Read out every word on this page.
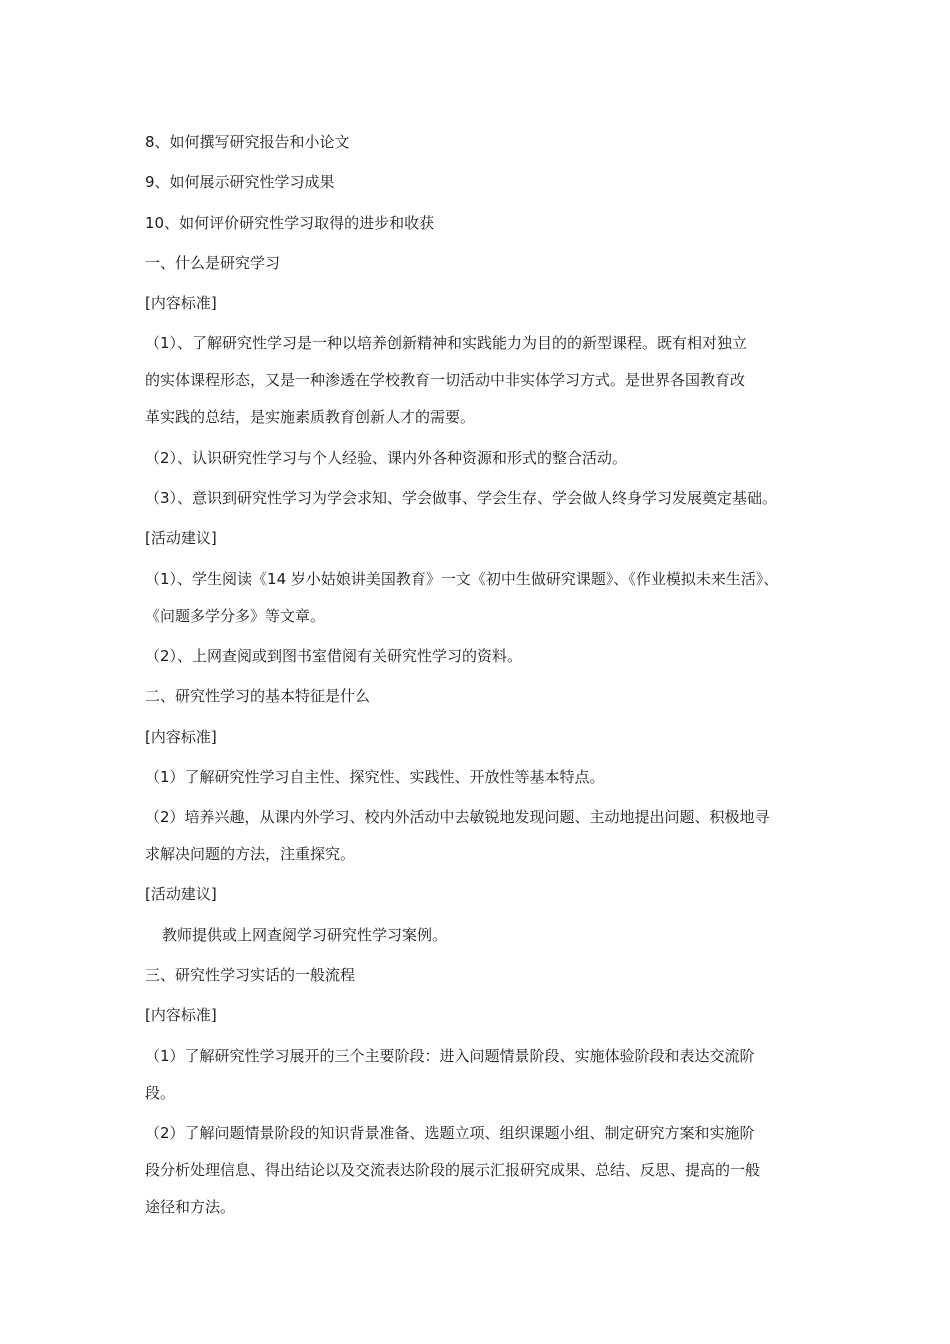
8、如何撰写研究报告和小论文
9、如何展示研究性学习成果
10、如何评价研究性学习取得的进步和收获
一、什么是研究学习
[内容标准]
（1）、了解研究性学习是一种以培养创新精神和实践能力为目的的新型课程。既有相对独立
的实体课程形态，又是一种渗透在学校教育一切活动中非实体学习方式。是世界各国教育改
革实践的总结，是实施素质教育创新人才的需要。
（2）、认识研究性学习与个人经验、课内外各种资源和形式的整合活动。
（3）、意识到研究性学习为学会求知、学会做事、学会生存、学会做人终身学习发展奠定基础。
[活动建议]
（1）、学生阅读《14 岁小姑娘讲美国教育》一文《初中生做研究课题》、《作业模拟未来生活》、
《问题多学分多》等文章。
（2）、上网查阅或到图书室借阅有关研究性学习的资料。
二、研究性学习的基本特征是什么
[内容标准]
（1）了解研究性学习自主性、探究性、实践性、开放性等基本特点。
（2）培养兴趣，从课内外学习、校内外活动中去敏锐地发现问题、主动地提出问题、积极地寻
求解决问题的方法，注重探究。
[活动建议]
教师提供或上网查阅学习研究性学习案例。
三、研究性学习实话的一般流程
[内容标准]
（1）了解研究性学习展开的三个主要阶段：进入问题情景阶段、实施体验阶段和表达交流阶
段。
（2）了解问题情景阶段的知识背景准备、选题立项、组织课题小组、制定研究方案和实施阶
段分析处理信息、得出结论以及交流表达阶段的展示汇报研究成果、总结、反思、提高的一般
途径和方法。
